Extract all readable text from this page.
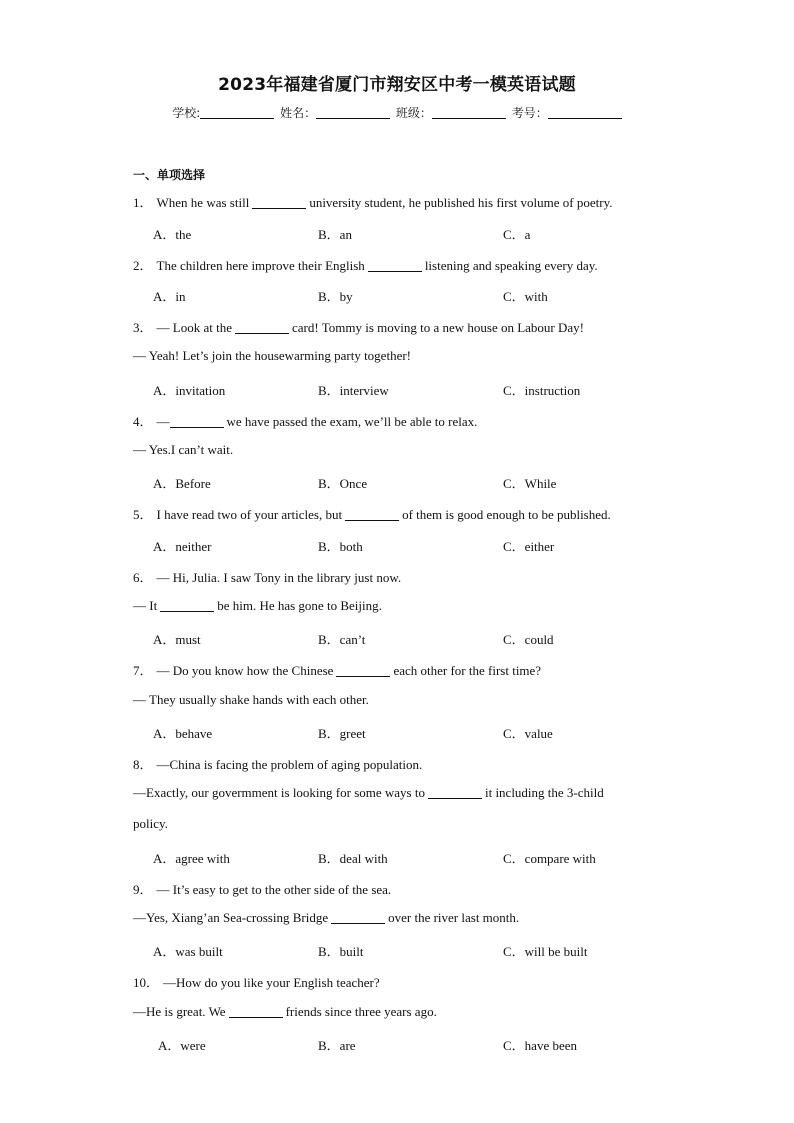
2023年福建省厦门市翔安区中考一模英语试题
学校:	姓名：	班级：	考号：
一、单项选择
1． When he was still	university student, he published his first volume of poetry.
A．the	B．an	C．a
2． The children here improve their English	listening and speaking every day.
A．in	B．by	C．with
3． — Look at the	card! Tommy is moving to a new house on Labour Day!
— Yeah! Let’s join the housewarming party together!
A．invitation	B．interview	C．instruction
4． —	we have passed the exam, we’ll be able to relax.
— Yes.I can’t wait.
A．Before	B．Once	C．While
5． I have read two of your articles, but	of them is good enough to be published.
A．neither	B．both	C．either
6． — Hi, Julia. I saw Tony in the library just now.
— It	be him. He has gone to Beijing.
A．must	B．can’t	C．could
7． — Do you know how the Chinese	each other for the first time?
— They usually shake hands with each other.
A．behave	B．greet	C．value
8． —China is facing the problem of aging population.
—Exactly, our govermment is looking for some ways to	it including the 3-child
policy.
A．agree with	B．deal with	C．compare with
9． — It’s easy to get to the other side of the sea.
—Yes, Xiang’an Sea-crossing Bridge	over the river last month.
A．was built	B．built	C．will be built
10． —How do you like your English teacher?
—He is great. We	friends since three years ago.
A．were	B．are	C．have been
